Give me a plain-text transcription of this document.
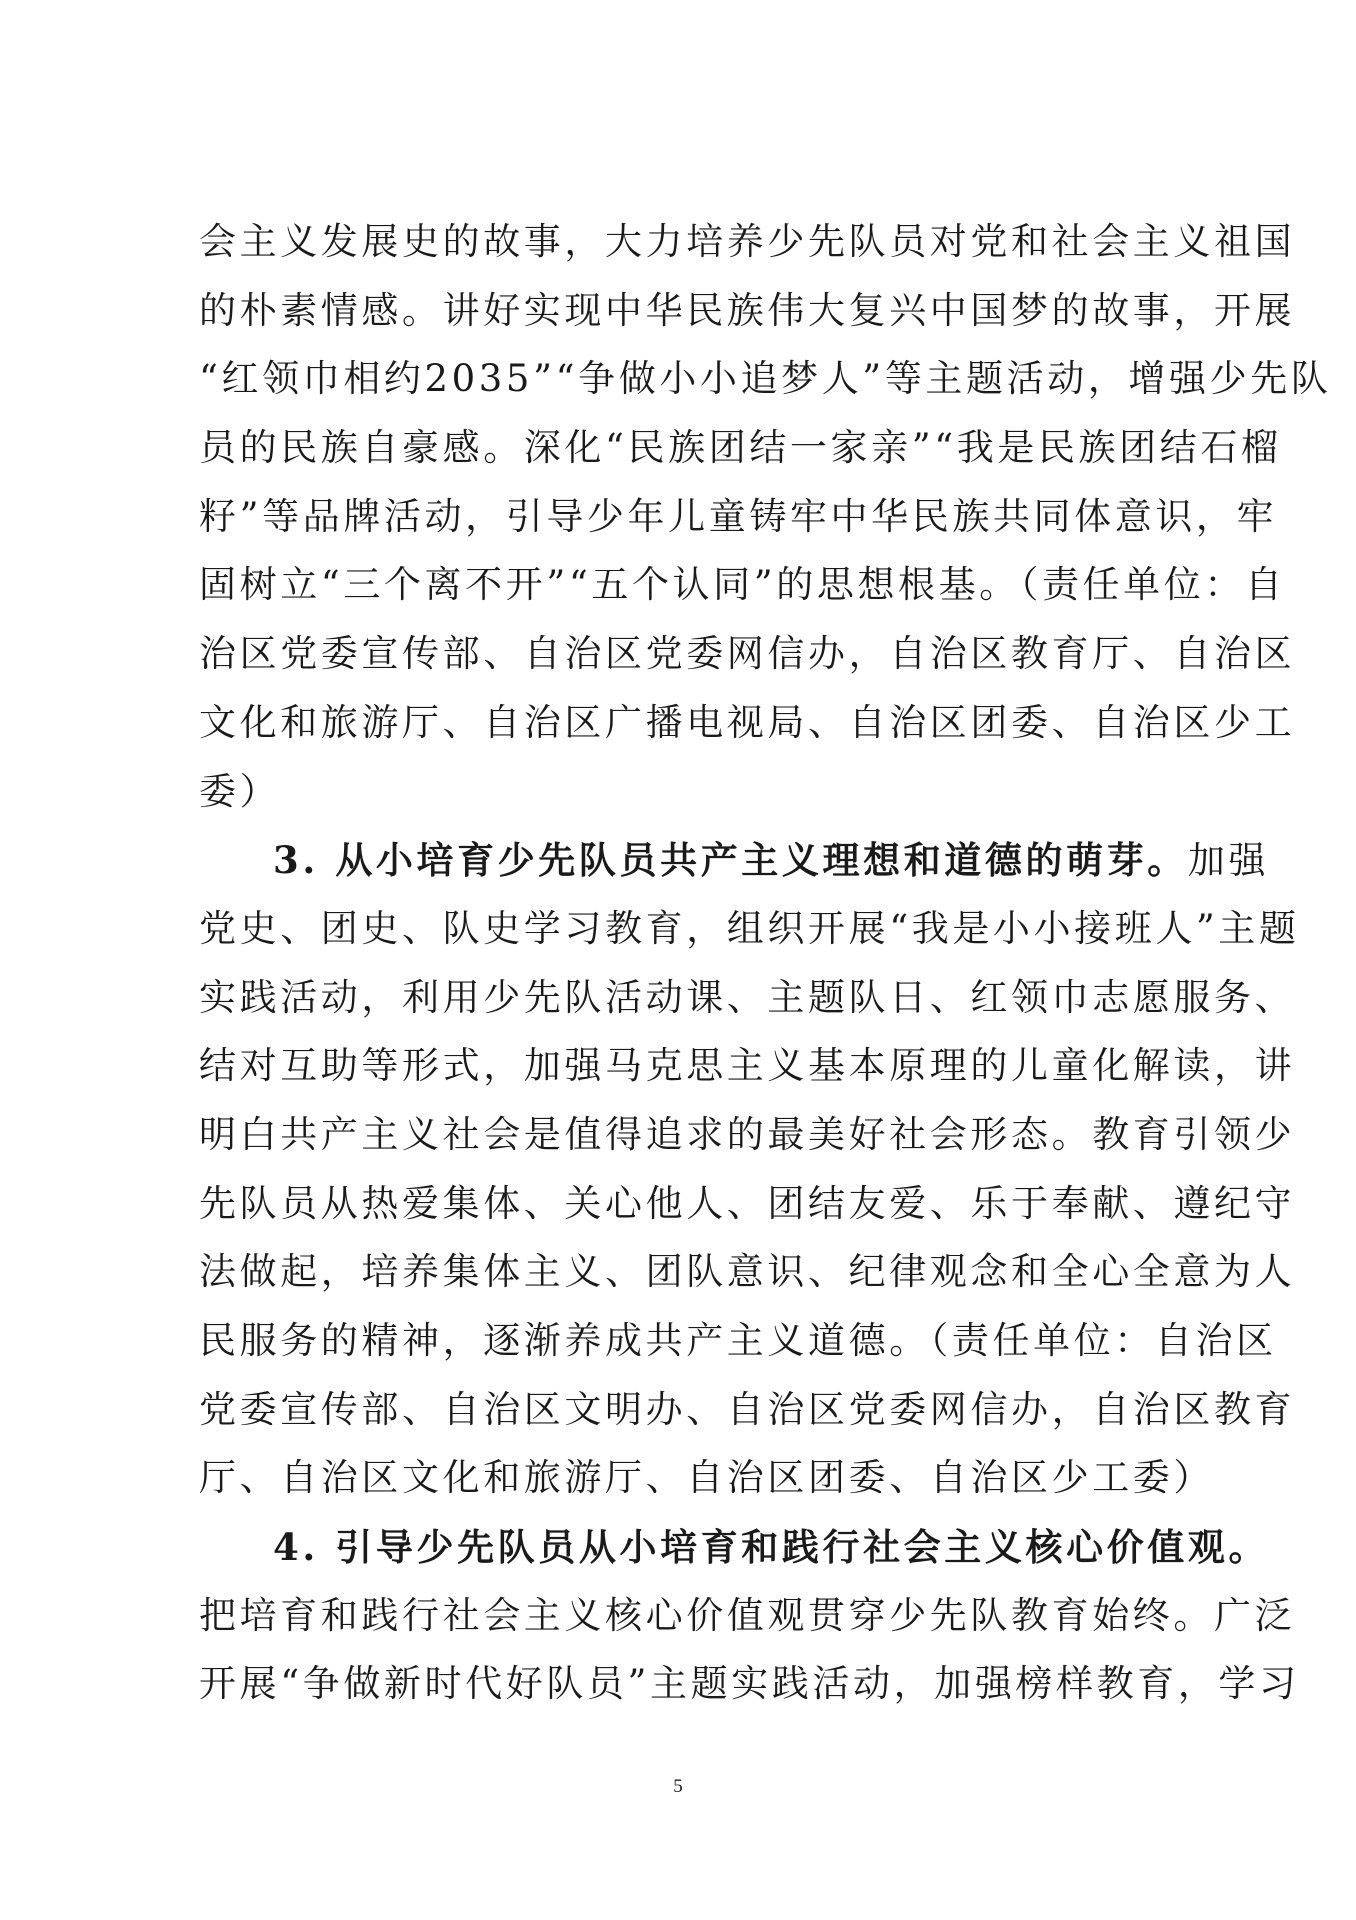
会主义发展史的故事，大力培养少先队员对党和社会主义祖国
的朴素情感。讲好实现中华民族伟大复兴中国梦的故事，开展
“红领巾相约2035”“争做小小追梦人”等主题活动，增强少先队
员的民族自豪感。深化“民族团结一家亲”“我是民族团结石榴
籽”等品牌活动，引导少年儿童铸牢中华民族共同体意识，牢
固树立“三个离不开”“五个认同”的思想根基。（责任单位：自
治区党委宣传部、自治区党委网信办，自治区教育厅、自治区
文化和旅游厅、自治区广播电视局、自治区团委、自治区少工
委）
3. 从小培育少先队员共产主义理想和道德的萌芽。加强
党史、团史、队史学习教育，组织开展“我是小小接班人”主题
实践活动，利用少先队活动课、主题队日、红领巾志愿服务、
结对互助等形式，加强马克思主义基本原理的儿童化解读，讲
明白共产主义社会是值得追求的最美好社会形态。教育引领少
先队员从热爱集体、关心他人、团结友爱、乐于奉献、遵纪守
法做起，培养集体主义、团队意识、纪律观念和全心全意为人
民服务的精神，逐渐养成共产主义道德。（责任单位：自治区
党委宣传部、自治区文明办、自治区党委网信办，自治区教育
厅、自治区文化和旅游厅、自治区团委、自治区少工委）
4. 引导少先队员从小培育和践行社会主义核心价值观。
把培育和践行社会主义核心价值观贯穿少先队教育始终。广泛
开展“争做新时代好队员”主题实践活动，加强榜样教育，学习
5
